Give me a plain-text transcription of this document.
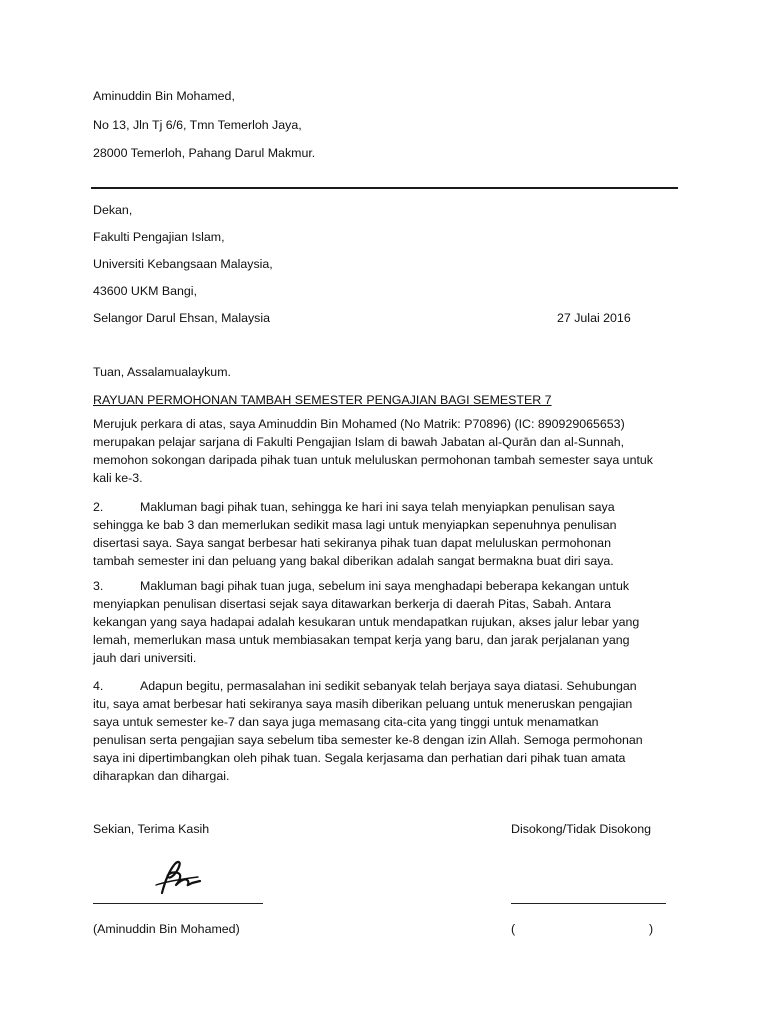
Aminuddin Bin Mohamed,
No 13, Jln Tj 6/6, Tmn Temerloh Jaya,
28000 Temerloh, Pahang Darul Makmur.
Dekan,
Fakulti Pengajian Islam,
Universiti Kebangsaan Malaysia,
43600 UKM Bangi,
Selangor Darul Ehsan, Malaysia	27 Julai 2016
Tuan, Assalamualaykum.
RAYUAN PERMOHONAN TAMBAH SEMESTER PENGAJIAN BAGI SEMESTER 7

Merujuk perkara di atas, saya Aminuddin Bin Mohamed (No Matrik: P70896) (IC: 890929065653) merupakan pelajar sarjana di Fakulti Pengajian Islam di bawah Jabatan al-Qurān dan al-Sunnah, memohon sokongan daripada pihak tuan untuk meluluskan permohonan tambah semester saya untuk kali ke-3.

2.	Makluman bagi pihak tuan, sehingga ke hari ini saya telah menyiapkan penulisan saya sehingga ke bab 3 dan memerlukan sedikit masa lagi untuk menyiapkan sepenuhnya penulisan disertasi saya. Saya sangat berbesar hati sekiranya pihak tuan dapat meluluskan permohonan tambah semester ini dan peluang yang bakal diberikan adalah sangat bermakna buat diri saya.

3.	Makluman bagi pihak tuan juga, sebelum ini saya menghadapi beberapa kekangan untuk menyiapkan penulisan disertasi sejak saya ditawarkan berkerja di daerah Pitas, Sabah. Antara kekangan yang saya hadapai adalah kesukaran untuk mendapatkan rujukan, akses jalur lebar yang lemah, memerlukan masa untuk membiasakan tempat kerja yang baru, dan jarak perjalanan yang jauh dari universiti.

4.	Adapun begitu, permasalahan ini sedikit sebanyak telah berjaya saya diatasi. Sehubungan itu, saya amat berbesar hati sekiranya saya masih diberikan peluang untuk meneruskan pengajian saya untuk semester ke-7 dan saya juga memasang cita-cita yang tinggi untuk menamatkan penulisan serta pengajian saya sebelum tiba semester ke-8 dengan izin Allah. Semoga permohonan saya ini dipertimbangkan oleh pihak tuan. Segala kerjasama dan perhatian dari pihak tuan amata diharapkan dan dihargai.

Sekian, Terima Kasih	Disokong/Tidak Disokong
(Aminuddin Bin Mohamed)	(	)
